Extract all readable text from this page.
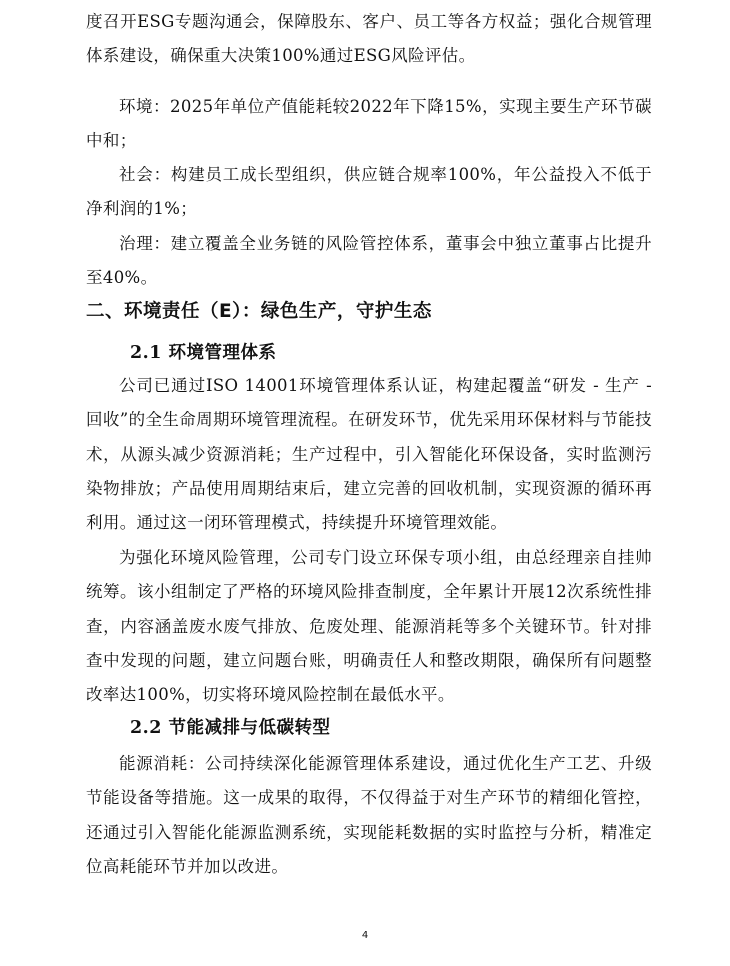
度召开ESG专题沟通会，保障股东、客户、员工等各方权益；强化合规管理体系建设，确保重大决策100%通过ESG风险评估。

环境：2025年单位产值能耗较2022年下降15%，实现主要生产环节碳中和；

社会：构建员工成长型组织，供应链合规率100%，年公益投入不低于净利润的1%；

治理：建立覆盖全业务链的风险管控体系，董事会中独立董事占比提升至40%。

二、环境责任（E）：绿色生产，守护生态
2.1 环境管理体系

公司已通过ISO 14001环境管理体系认证，构建起覆盖“研发 - 生产 - 回收”的全生命周期环境管理流程。在研发环节，优先采用环保材料与节能技术，从源头减少资源消耗；生产过程中，引入智能化环保设备，实时监测污染物排放；产品使用周期结束后，建立完善的回收机制，实现资源的循环再利用。通过这一闭环管理模式，持续提升环境管理效能。

为强化环境风险管理，公司专门设立环保专项小组，由总经理亲自挂帅统筹。该小组制定了严格的环境风险排查制度，全年累计开展12次系统性排查，内容涵盖废水废气排放、危废处理、能源消耗等多个关键环节。针对排查中发现的问题，建立问题台账，明确责任人和整改期限，确保所有问题整改率达100%，切实将环境风险控制在最低水平。

2.2 节能减排与低碳转型

能源消耗：公司持续深化能源管理体系建设，通过优化生产工艺、升级节能设备等措施。这一成果的取得，不仅得益于对生产环节的精细化管控，还通过引入智能化能源监测系统，实现能耗数据的实时监控与分析，精准定位高耗能环节并加以改进。

4
